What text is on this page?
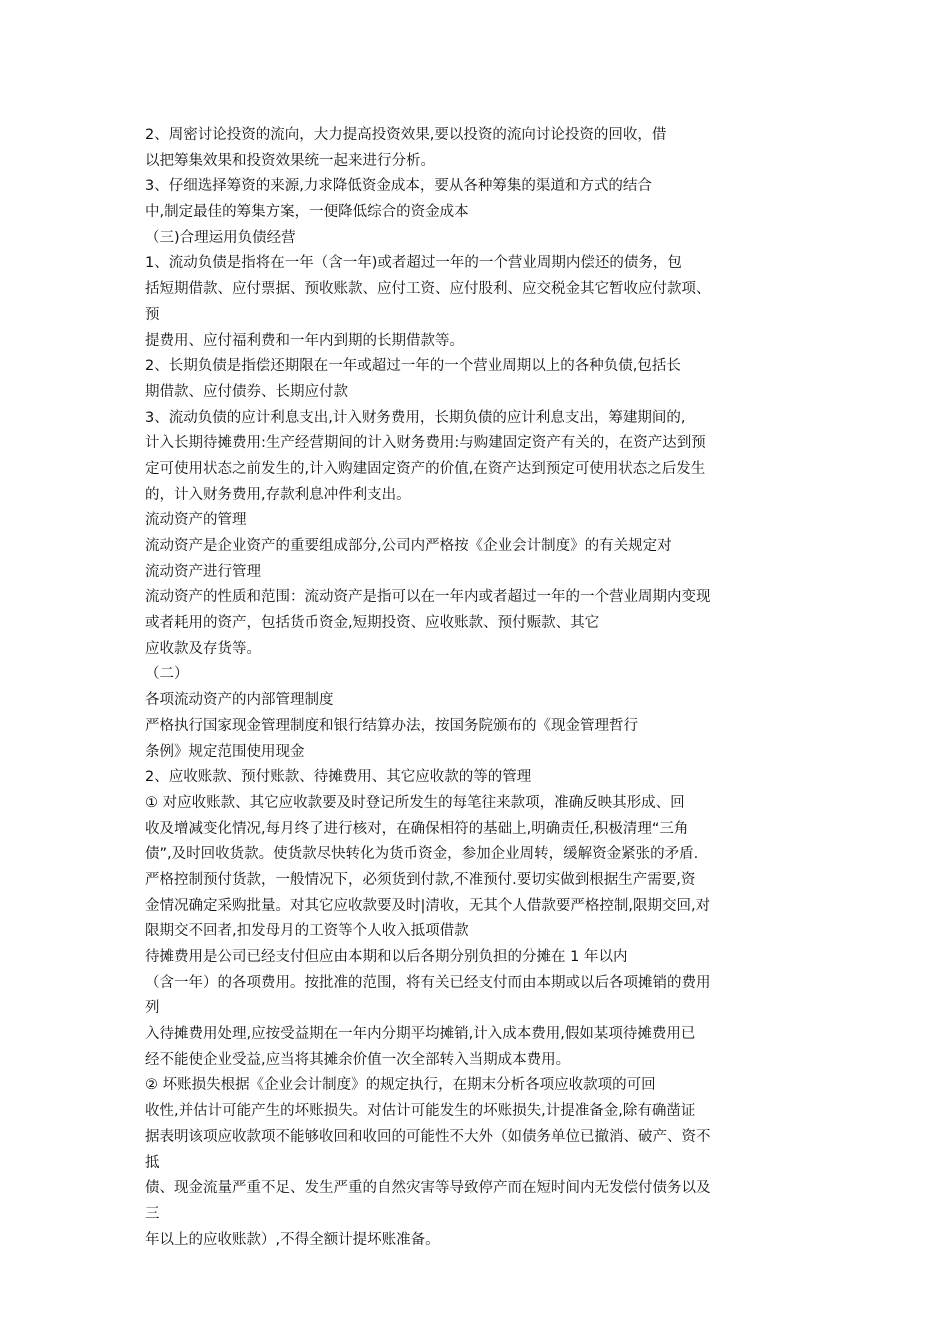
2、周密讨论投资的流向，大力提高投资效果,要以投资的流向讨论投资的回收，借
以把筹集效果和投资效果统一起来进行分析。
3、仔细选择筹资的来源,力求降低资金成本，要从各种筹集的渠道和方式的结合
中,制定最佳的筹集方案，一便降低综合的资金成本
（三)合理运用负债经营
1、流动负债是指将在一年（含一年)或者超过一年的一个营业周期内偿还的债务，包
括短期借款、应付票据、预收账款、应付工资、应付股利、应交税金其它暂收应付款项、
预
提费用、应付福利费和一年内到期的长期借款等。
2、长期负债是指偿还期限在一年或超过一年的一个营业周期以上的各种负债,包括长
期借款、应付债券、长期应付款
3、流动负债的应计利息支出,计入财务费用，长期负债的应计利息支出，筹建期间的,
计入长期待摊费用:生产经营期间的计入财务费用:与购建固定资产有关的，在资产达到预
定可使用状态之前发生的,计入购建固定资产的价值,在资产达到预定可使用状态之后发生
的，计入财务费用,存款利息冲件利支出。
流动资产的管理
流动资产是企业资产的重要组成部分,公司内严格按《企业会计制度》的有关规定对
流动资产进行管理
流动资产的性质和范围：流动资产是指可以在一年内或者超过一年的一个营业周期内变现
或者耗用的资产，包括货币资金,短期投资、应收账款、预付赈款、其它
应收款及存货等。
（二）
各项流动资产的内部管理制度
严格执行国家现金管理制度和银行结算办法，按国务院颁布的《现金管理哲行
条例》规定范围使用现金
2、应收账款、预付账款、待摊费用、其它应收款的等的管理
① 对应收账款、其它应收款要及时登记所发生的每笔往来款项，准确反映其形成、回
收及增减变化情况,每月终了进行核对，在确保相符的基础上,明确责任,积极清理“三角
债”,及时回收货款。使货款尽快转化为货币资金，参加企业周转，缓解资金紧张的矛盾.
严格控制预付货款，一般情况下，必须货到付款,不准预付.要切实做到根据生产需要,资
金情况确定采购批量。对其它应收款要及时|清收，无其个人借款要严格控制,限期交回,对
限期交不回者,扣发母月的工资等个人收入抵项借款
待摊费用是公司已经支付但应由本期和以后各期分别负担的分摊在 1 年以内
（含一年）的各项费用。按批准的范围，将有关已经支付而由本期或以后各项摊销的费用
列
入待摊费用处理,应按受益期在一年内分期平均摊销,计入成本费用,假如某项待摊费用已
经不能使企业受益,应当将其摊余价值一次全部转入当期成本费用。
② 坏账损失根据《企业会计制度》的规定执行，在期末分析各项应收款项的可回
收性,并估计可能产生的坏账损失。对估计可能发生的坏账损失,计提准备金,除有确凿证
据表明该项应收款项不能够收回和收回的可能性不大外（如债务单位已撤消、破产、资不
抵
债、现金流量严重不足、发生严重的自然灾害等导致停产而在短时间内无发偿付债务以及
三
年以上的应收账款）,不得全额计提坏账准备。
